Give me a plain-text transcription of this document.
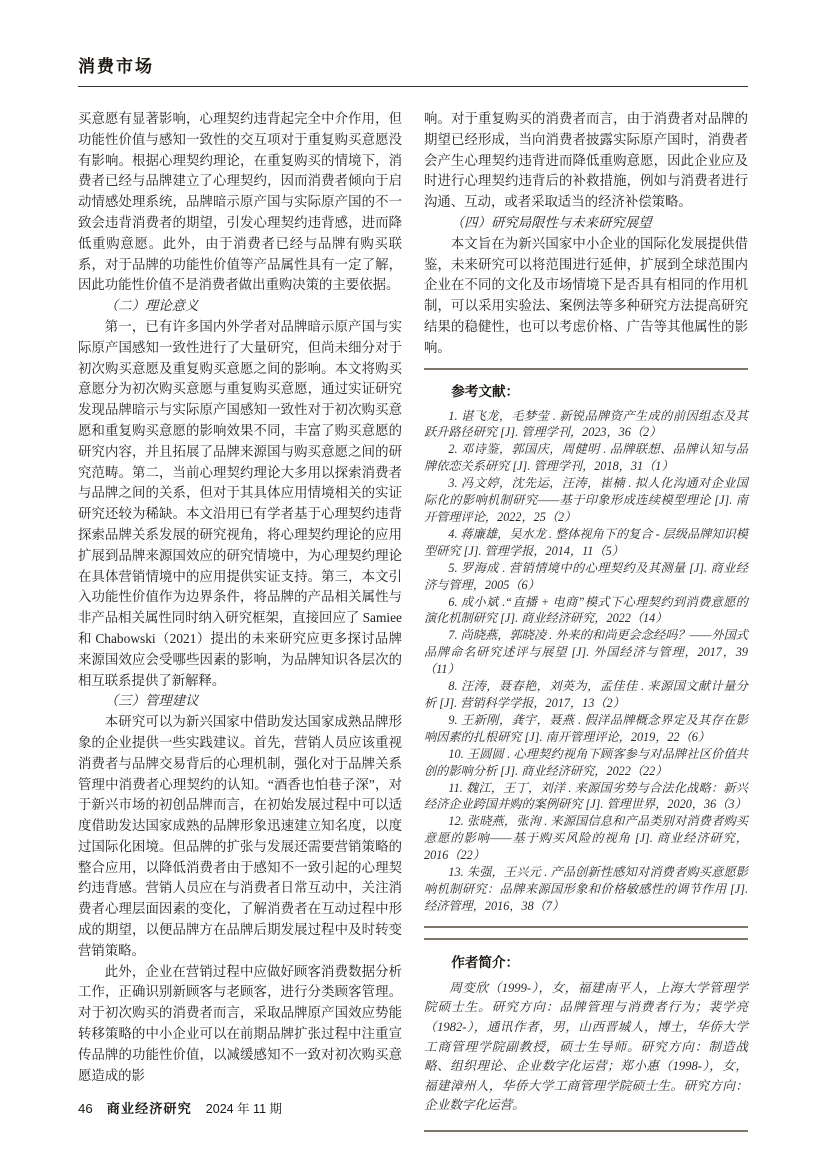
消费市场

买意愿有显著影响，心理契约违背起完全中介作用，但功能性价值与感知一致性的交互项对于重复购买意愿没有影响。根据心理契约理论，在重复购买的情境下，消费者已经与品牌建立了心理契约，因而消费者倾向于启动情感处理系统，品牌暗示原产国与实际原产国的不一致会违背消费者的期望，引发心理契约违背感，进而降低重购意愿。此外，由于消费者已经与品牌有购买联系，对于品牌的功能性价值等产品属性具有一定了解，因此功能性价值不是消费者做出重购决策的主要依据。

（二）理论意义

第一，已有许多国内外学者对品牌暗示原产国与实际原产国感知一致性进行了大量研究，但尚未细分对于初次购买意愿及重复购买意愿之间的影响。本文将购买意愿分为初次购买意愿与重复购买意愿，通过实证研究发现品牌暗示与实际原产国感知一致性对于初次购买意愿和重复购买意愿的影响效果不同，丰富了购买意愿的研究内容，并且拓展了品牌来源国与购买意愿之间的研究范畴。第二，当前心理契约理论大多用以探索消费者与品牌之间的关系，但对于其具体应用情境相关的实证研究还较为稀缺。本文沿用已有学者基于心理契约违背探索品牌关系发展的研究视角，将心理契约理论的应用扩展到品牌来源国效应的研究情境中，为心理契约理论在具体营销情境中的应用提供实证支持。第三，本文引入功能性价值作为边界条件，将品牌的产品相关属性与非产品相关属性同时纳入研究框架，直接回应了 Samiee 和 Chabowski（2021）提出的未来研究应更多探讨品牌来源国效应会受哪些因素的影响，为品牌知识各层次的相互联系提供了新解释。

（三）管理建议

本研究可以为新兴国家中借助发达国家成熟品牌形象的企业提供一些实践建议。首先，营销人员应该重视消费者与品牌交易背后的心理机制，强化对于品牌关系管理中消费者心理契约的认知。“酒香也怕巷子深”，对于新兴市场的初创品牌而言，在初始发展过程中可以适度借助发达国家成熟的品牌形象迅速建立知名度，以度过国际化困境。但品牌的扩张与发展还需要营销策略的整合应用，以降低消费者由于感知不一致引起的心理契约违背感。营销人员应在与消费者日常互动中，关注消费者心理层面因素的变化，了解消费者在互动过程中形成的期望，以便品牌方在品牌后期发展过程中及时转变营销策略。

此外，企业在营销过程中应做好顾客消费数据分析工作，正确识别新顾客与老顾客，进行分类顾客管理。对于初次购买的消费者而言，采取品牌原产国效应势能转移策略的中小企业可以在前期品牌扩张过程中注重宣传品牌的功能性价值，以减缓感知不一致对初次购买意愿造成的影

响。对于重复购买的消费者而言，由于消费者对品牌的期望已经形成，当向消费者披露实际原产国时，消费者会产生心理契约违背进而降低重购意愿，因此企业应及时进行心理契约违背后的补救措施，例如与消费者进行沟通、互动，或者采取适当的经济补偿策略。

（四）研究局限性与未来研究展望

本文旨在为新兴国家中小企业的国际化发展提供借鉴，未来研究可以将范围进行延伸，扩展到全球范围内企业在不同的文化及市场情境下是否具有相同的作用机制，可以采用实验法、案例法等多种研究方法提高研究结果的稳健性，也可以考虑价格、广告等其他属性的影响。

参考文献：

1. 谌飞龙，毛梦莹 . 新锐品牌资产生成的前因组态及其跃升路径研究 [J]. 管理学刊，2023，36（2）

2. 邓诗鉴，郭国庆，周健明 . 品牌联想、品牌认知与品牌依恋关系研究 [J]. 管理学刊，2018，31（1）

3. 冯文婷，沈先运，汪涛，崔楠 . 拟人化沟通对企业国际化的影响机制研究——基于印象形成连续模型理论 [J]. 南开管理评论，2022，25（2）

4. 蒋廉雄，吴水龙 . 整体视角下的复合 - 层级品牌知识模型研究 [J]. 管理学报，2014，11（5）

5. 罗海成 . 营销情境中的心理契约及其测量 [J]. 商业经济与管理，2005（6）

6. 成小斌 .“直播 + 电商”模式下心理契约到消费意愿的演化机制研究 [J]. 商业经济研究，2022（14）

7. 尚晓燕，郭晓凌 . 外来的和尚更会念经吗？——外国式品牌命名研究述评与展望 [J]. 外国经济与管理，2017，39（11）

8. 汪涛，聂春艳，刘英为，孟佳佳 . 来源国文献计量分析 [J]. 营销科学学报，2017，13（2）

9. 王新刚，龚宇，聂燕 . 假洋品牌概念界定及其存在影响因素的扎根研究 [J]. 南开管理评论，2019，22（6）

10. 王圆圆 . 心理契约视角下顾客参与对品牌社区价值共创的影响分析 [J]. 商业经济研究，2022（22）

11. 魏江，王丁，刘洋 . 来源国劣势与合法化战略：新兴经济企业跨国并购的案例研究 [J]. 管理世界，2020，36（3）

12. 张晓燕，张洵 . 来源国信息和产品类别对消费者购买意愿的影响——基于购买风险的视角 [J]. 商业经济研究，2016（22）

13. 朱强，王兴元 . 产品创新性感知对消费者购买意愿影响机制研究：品牌来源国形象和价格敏感性的调节作用 [J]. 经济管理，2016，38（7）

作者简介：

周变欣（1999-），女，福建南平人，上海大学管理学院硕士生。研究方向：品牌管理与消费者行为；裴学亮（1982-），通讯作者，男，山西晋城人，博士，华侨大学工商管理学院副教授，硕士生导师。研究方向：制造战略、组织理论、企业数字化运营；郑小惠（1998-），女，福建漳州人，华侨大学工商管理学院硕士生。研究方向：企业数字化运营。

46 商业经济研究 2024 年 11 期
